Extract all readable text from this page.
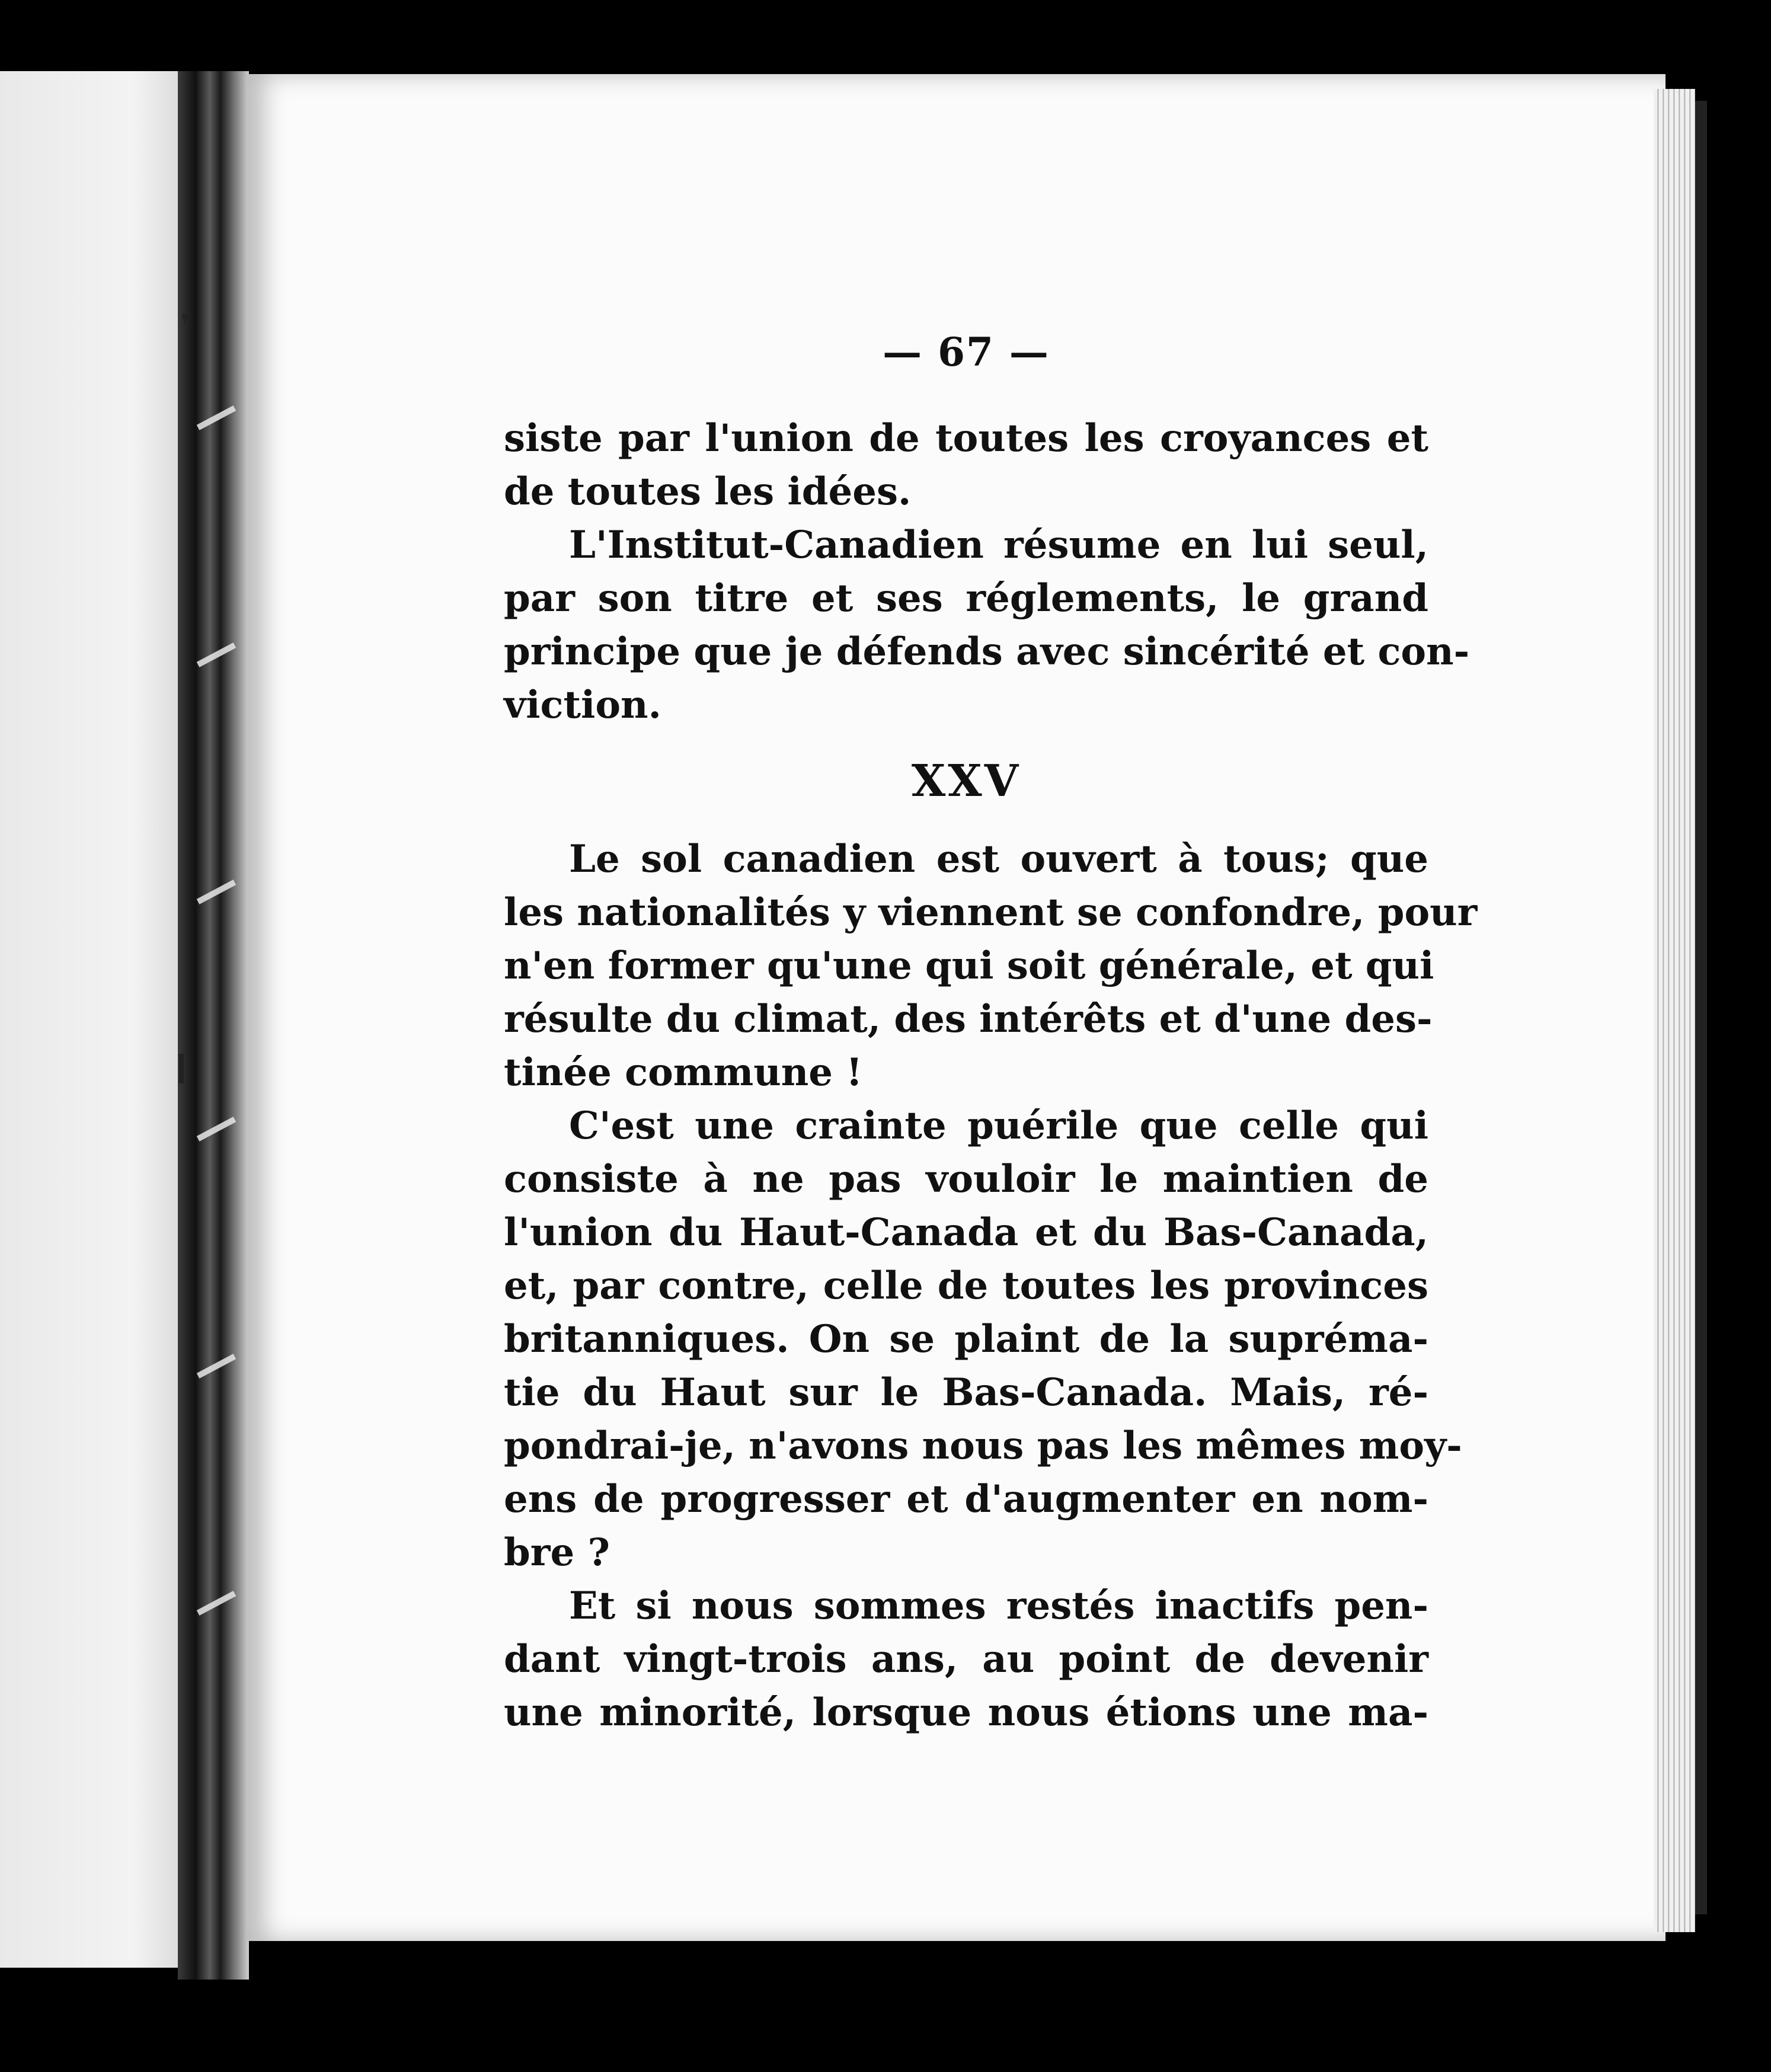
❜
❙
— 67 —

siste par l'union de toutes les croyances et
de toutes les idées.

L'Institut-Canadien résume en lui seul,
par son titre et ses réglements, le grand
principe que je défends avec sincérité et con-
viction.

XXV

Le sol canadien est ouvert à tous; que
les nationalités y viennent se confondre, pour
n'en former qu'une qui soit générale, et qui
résulte du climat, des intérêts et d'une des-
tinée commune !

C'est une crainte puérile que celle qui
consiste à ne pas vouloir le maintien de
l'union du Haut-Canada et du Bas-Canada,
et, par contre, celle de toutes les provinces
britanniques. On se plaint de la supréma-
tie du Haut sur le Bas-Canada. Mais, ré-
pondrai-je, n'avons nous pas les mêmes moy-
ens de progresser et d'augmenter en nom-
bre ?

Et si nous sommes restés inactifs pen-
dant vingt-trois ans, au point de devenir
une minorité, lorsque nous étions une ma-
